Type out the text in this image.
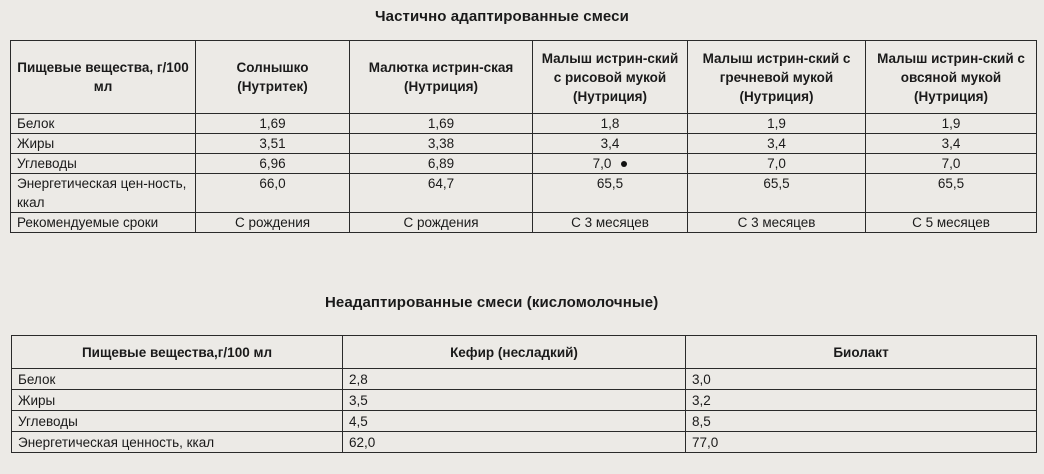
Частично адаптированные смеси
Пищевые вещества, г/100 мл	Солнышко (Нутритек)	Малютка истрин-ская (Нутриция)	Малыш истрин-ский с рисовой мукой (Нутриция)	Малыш истрин-ский с гречневой мукой (Нутриция)	Малыш истрин-ский с овсяной мукой (Нутриция)
Белок	1,69	1,69	1,8	1,9	1,9
Жиры	3,51	3,38	3,4	3,4	3,4
Углеводы	6,96	6,89	7,0	7,0	7,0
Энергетическая цен-ность, ккал	66,0	64,7	65,5	65,5	65,5
Рекомендуемые сроки	С рождения	С рождения	С 3 месяцев	С 3 месяцев	С 5 месяцев
Неадаптированные смеси (кисломолочные)
Пищевые вещества,г/100 мл	Кефир (несладкий)	Биолакт
Белок	2,8	3,0
Жиры	3,5	3,2
Углеводы	4,5	8,5
Энергетическая ценность, ккал	62,0	77,0
